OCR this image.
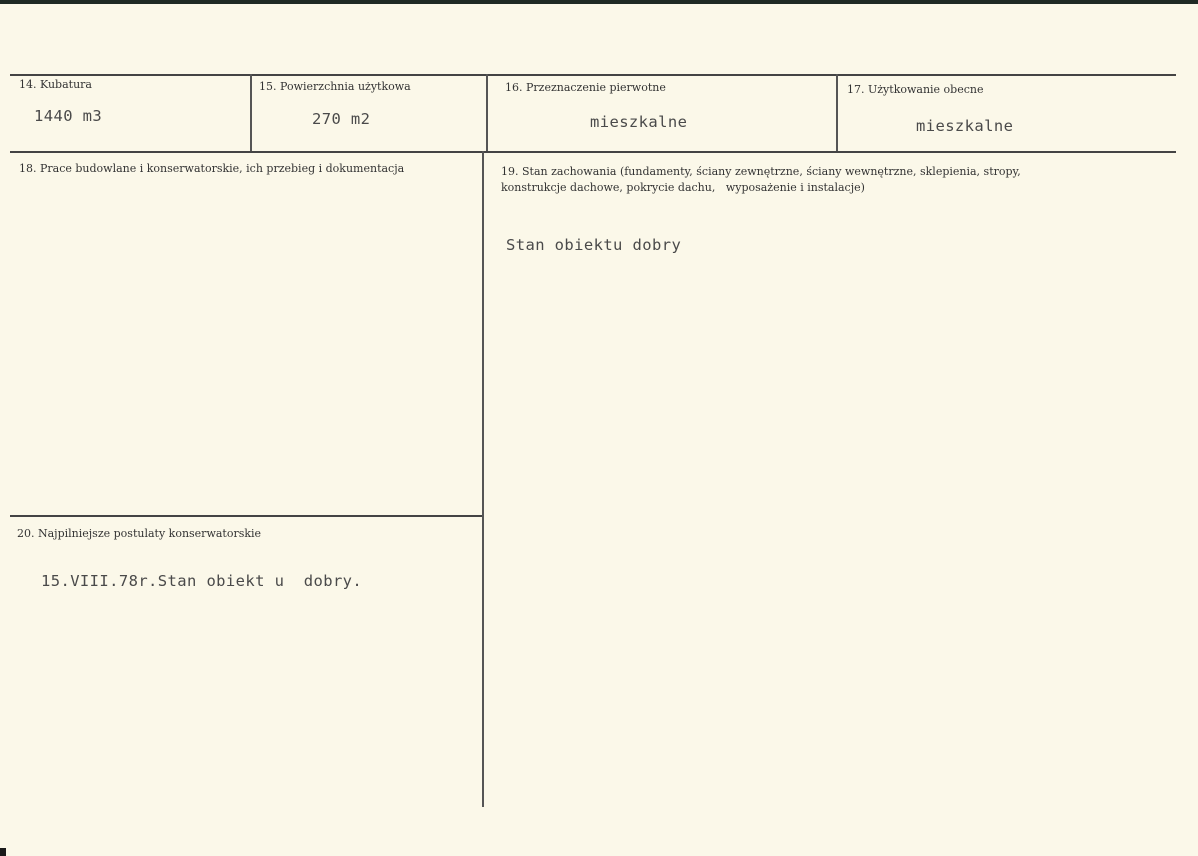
14. Kubatura
1440 m3
15. Powierzchnia użytkowa
270 m2
16. Przeznaczenie pierwotne
mieszkalne
17. Użytkowanie obecne
mieszkalne
18. Prace budowlane i konserwatorskie, ich przebieg i dokumentacja	19. Stan zachowania (fundamenty, ściany zewnętrzne, ściany wewnętrzne, sklepienia, stropy,
konstrukcje dachowe, pokrycie dachu,   wyposażenie i instalacje)
Stan obiektu dobry
20. Najpilniejsze postulaty konserwatorskie
15.VIII.78r.Stan obiekt u  dobry.
